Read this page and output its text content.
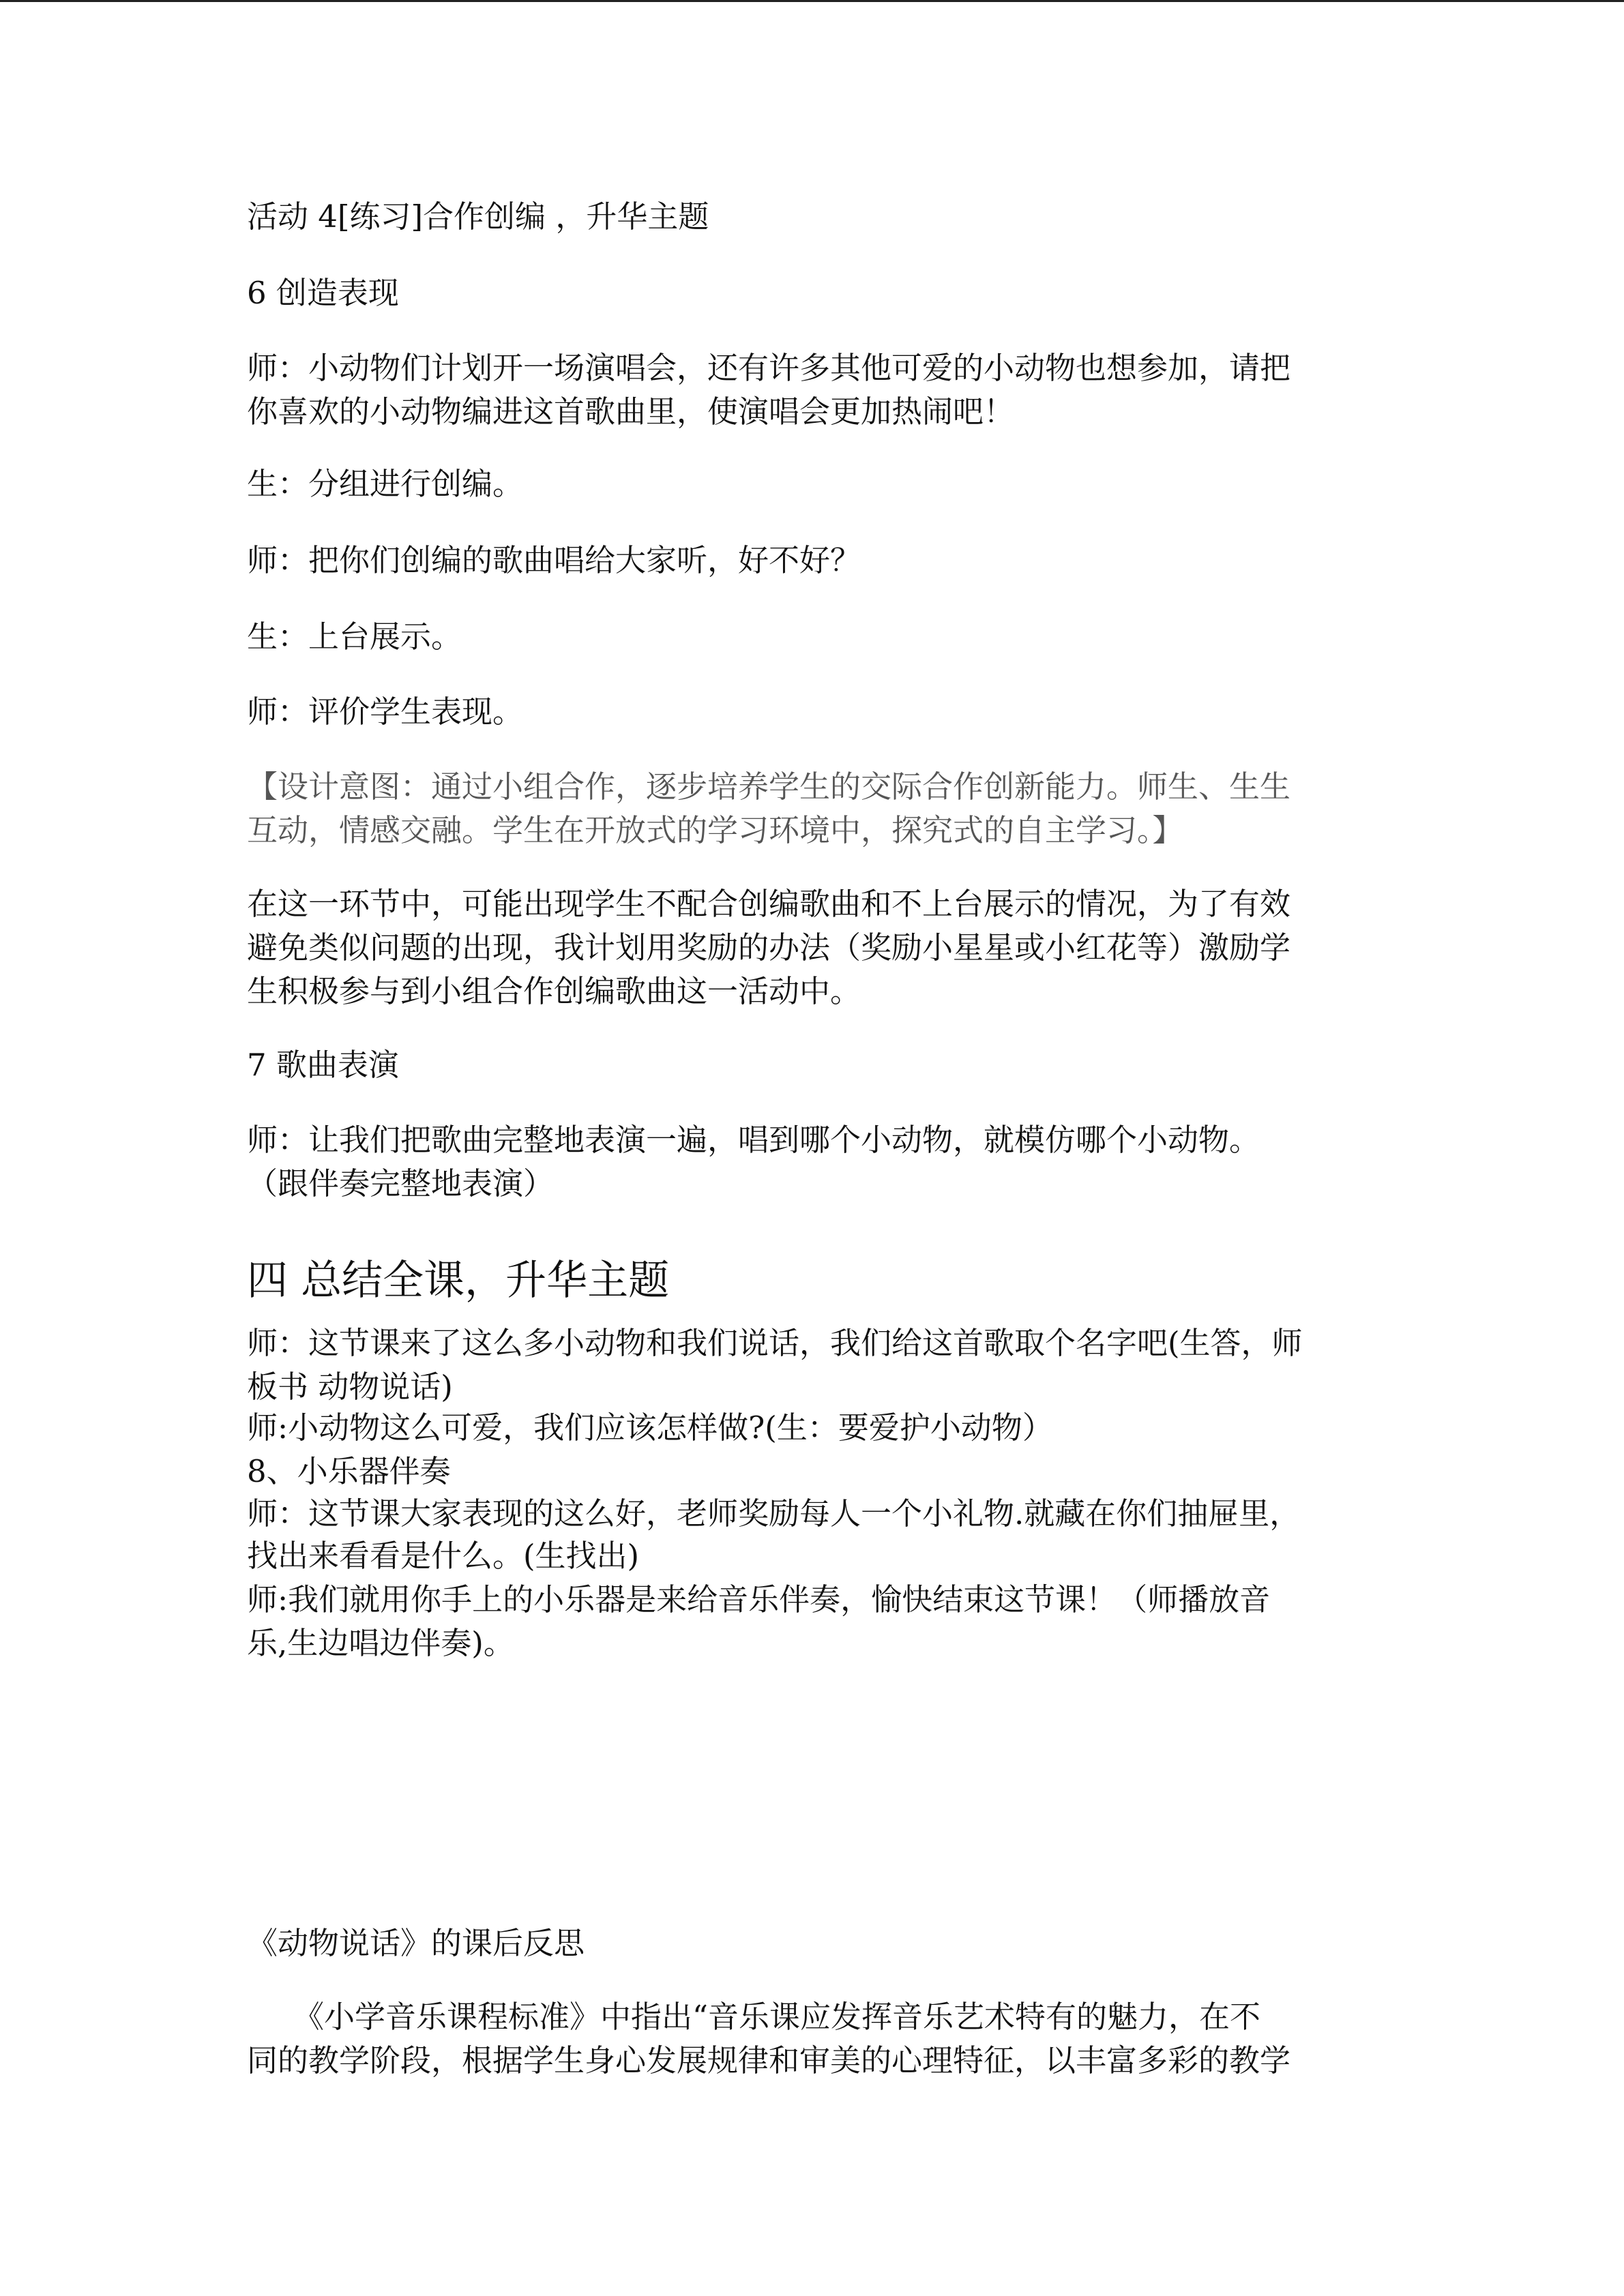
活动 4[练习]合作创编 ，升华主题
6 创造表现
师：小动物们计划开一场演唱会，还有许多其他可爱的小动物也想参加，请把
你喜欢的小动物编进这首歌曲里，使演唱会更加热闹吧！
生：分组进行创编。
师：把你们创编的歌曲唱给大家听，好不好？
生：上台展示。
师：评价学生表现。
【设计意图：通过小组合作，逐步培养学生的交际合作创新能力。师生、生生
互动，情感交融。学生在开放式的学习环境中，探究式的自主学习。】
在这一环节中，可能出现学生不配合创编歌曲和不上台展示的情况，为了有效
避免类似问题的出现，我计划用奖励的办法（奖励小星星或小红花等）激励学
生积极参与到小组合作创编歌曲这一活动中。
7 歌曲表演
师：让我们把歌曲完整地表演一遍，唱到哪个小动物，就模仿哪个小动物。
（跟伴奏完整地表演）
四 总结全课，升华主题
师：这节课来了这么多小动物和我们说话，我们给这首歌取个名字吧(生答，师
板书 动物说话)
师:小动物这么可爱，我们应该怎样做?(生：要爱护小动物）
8、小乐器伴奏
师：这节课大家表现的这么好，老师奖励每人一个小礼物.就藏在你们抽屉里，
找出来看看是什么。(生找出)
师:我们就用你手上的小乐器是来给音乐伴奏，愉快结束这节课！（师播放音
乐,生边唱边伴奏)。
《动物说话》的课后反思
《小学音乐课程标准》中指出“音乐课应发挥音乐艺术特有的魅力，在不
同的教学阶段，根据学生身心发展规律和审美的心理特征，以丰富多彩的教学
